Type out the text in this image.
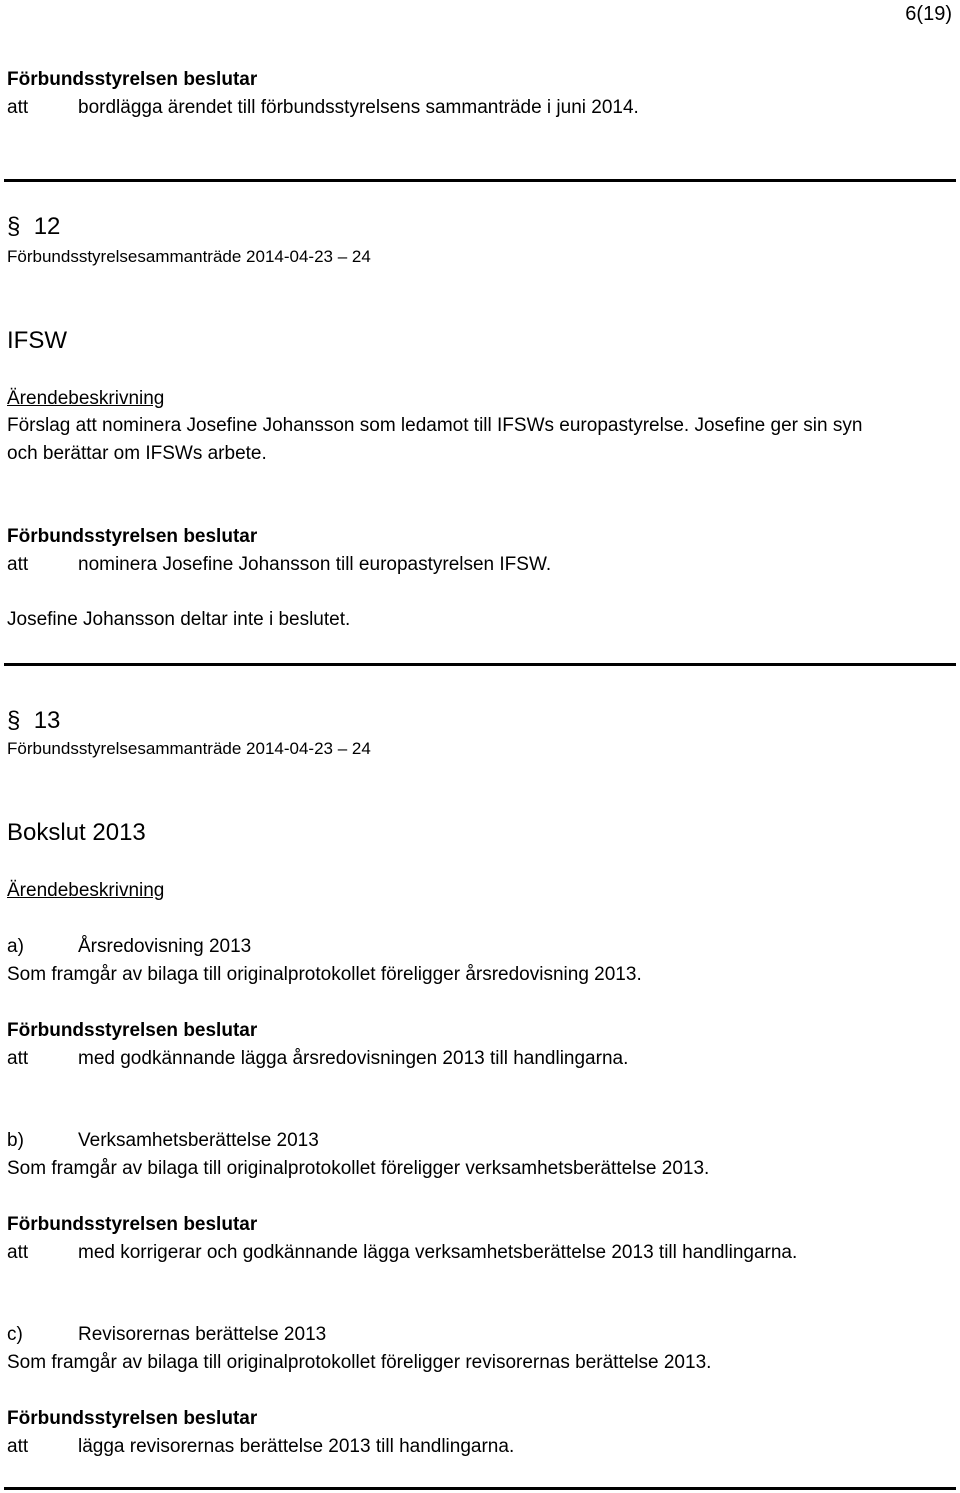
6(19)
Förbundsstyrelsen beslutar
att	bordlägga ärendet till förbundsstyrelsens sammanträde i juni 2014.
§ 12
Förbundsstyrelsesammanträde 2014-04-23 – 24
IFSW
Ärendebeskrivning
Förslag att nominera Josefine Johansson som ledamot till IFSWs europastyrelse. Josefine ger sin syn
och berättar om IFSWs arbete.
Förbundsstyrelsen beslutar
att	nominera Josefine Johansson till europastyrelsen IFSW.
Josefine Johansson deltar inte i beslutet.
§ 13
Förbundsstyrelsesammanträde 2014-04-23 – 24
Bokslut 2013
Ärendebeskrivning
a)	Årsredovisning 2013
Som framgår av bilaga till originalprotokollet föreligger årsredovisning 2013.
Förbundsstyrelsen beslutar
att	med godkännande lägga årsredovisningen 2013 till handlingarna.
b)	Verksamhetsberättelse 2013
Som framgår av bilaga till originalprotokollet föreligger verksamhetsberättelse 2013.
Förbundsstyrelsen beslutar
att	med korrigerar och godkännande lägga verksamhetsberättelse 2013 till handlingarna.
c)	Revisorernas berättelse 2013
Som framgår av bilaga till originalprotokollet föreligger revisorernas berättelse 2013.
Förbundsstyrelsen beslutar
att	lägga revisorernas berättelse 2013 till handlingarna.
